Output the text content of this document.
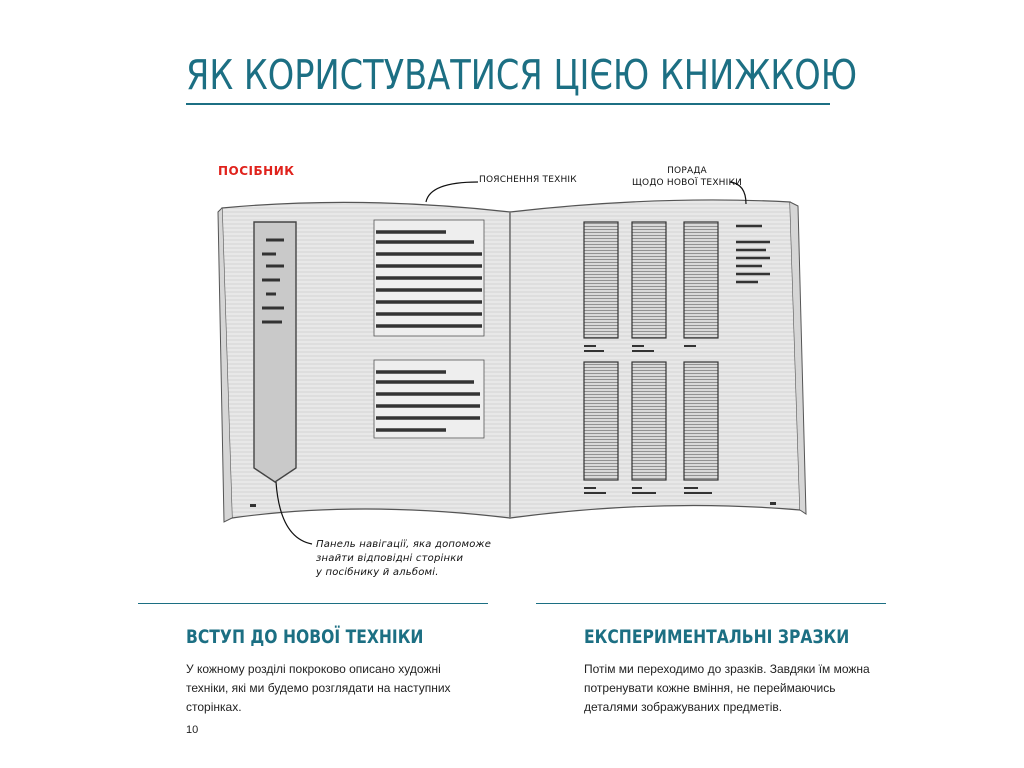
ЯК КОРИСТУВАТИСЯ ЦІЄЮ КНИЖКОЮ
ПОСІБНИК
ПОЯСНЕННЯ ТЕХНІК
ПОРАДА
ЩОДО НОВОЇ ТЕХНІКИ
Панель навігації, яка допоможе
знайти відповідні сторінки
у посібнику й альбомі.
ВСТУП ДО НОВОЇ ТЕХНІКИ
У кожному розділі покроково описано художні техніки, які ми будемо розглядати на наступних сторінках.
ЕКСПЕРИМЕНТАЛЬНІ ЗРАЗКИ
Потім ми переходимо до зразків. Завдяки їм можна потренувати кожне вміння, не переймаючись деталями зображуваних предметів.
10
